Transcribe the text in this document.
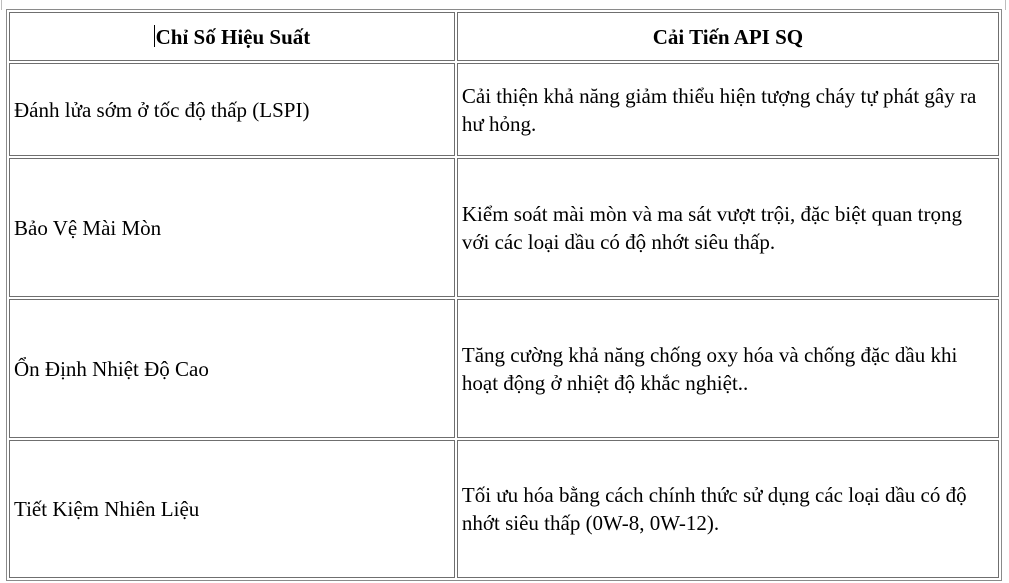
Chỉ Số Hiệu Suất	Cải Tiến API SQ
Đánh lửa sớm ở tốc độ thấp (LSPI)	Cải thiện khả năng giảm thiểu hiện tượng cháy tự phát gây ra hư hỏng.
Bảo Vệ Mài Mòn	Kiểm soát mài mòn và ma sát vượt trội, đặc biệt quan trọng với các loại dầu có độ nhớt siêu thấp.
Ổn Định Nhiệt Độ Cao	Tăng cường khả năng chống oxy hóa và chống đặc dầu khi hoạt động ở nhiệt độ khắc nghiệt..
Tiết Kiệm Nhiên Liệu	Tối ưu hóa bằng cách chính thức sử dụng các loại dầu có độ nhớt siêu thấp (0W-8, 0W-12).
